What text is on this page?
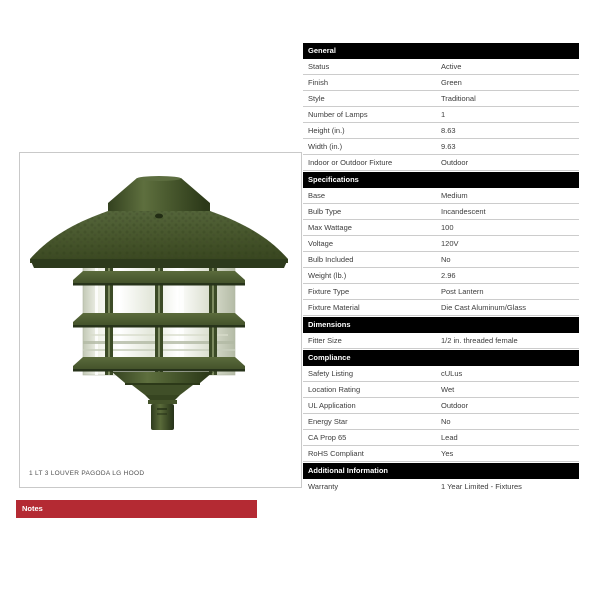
1 LT 3 LOUVER PAGODA LG HOOD
Notes
General
Status	Active
Finish	Green
Style	Traditional
Number of Lamps	1
Height (in.)	8.63
Width (in.)	9.63
Indoor or Outdoor Fixture	Outdoor
Specifications
Base	Medium
Bulb Type	Incandescent
Max Wattage	100
Voltage	120V
Bulb Included	No
Weight (lb.)	2.96
Fixture Type	Post Lantern
Fixture Material	Die Cast Aluminum/Glass
Dimensions
Fitter Size	1/2 in. threaded female
Compliance
Safety Listing	cULus
Location Rating	Wet
UL Application	Outdoor
Energy Star	No
CA Prop 65	Lead
RoHS Compliant	Yes
Additional Information
Warranty	1 Year Limited - Fixtures
